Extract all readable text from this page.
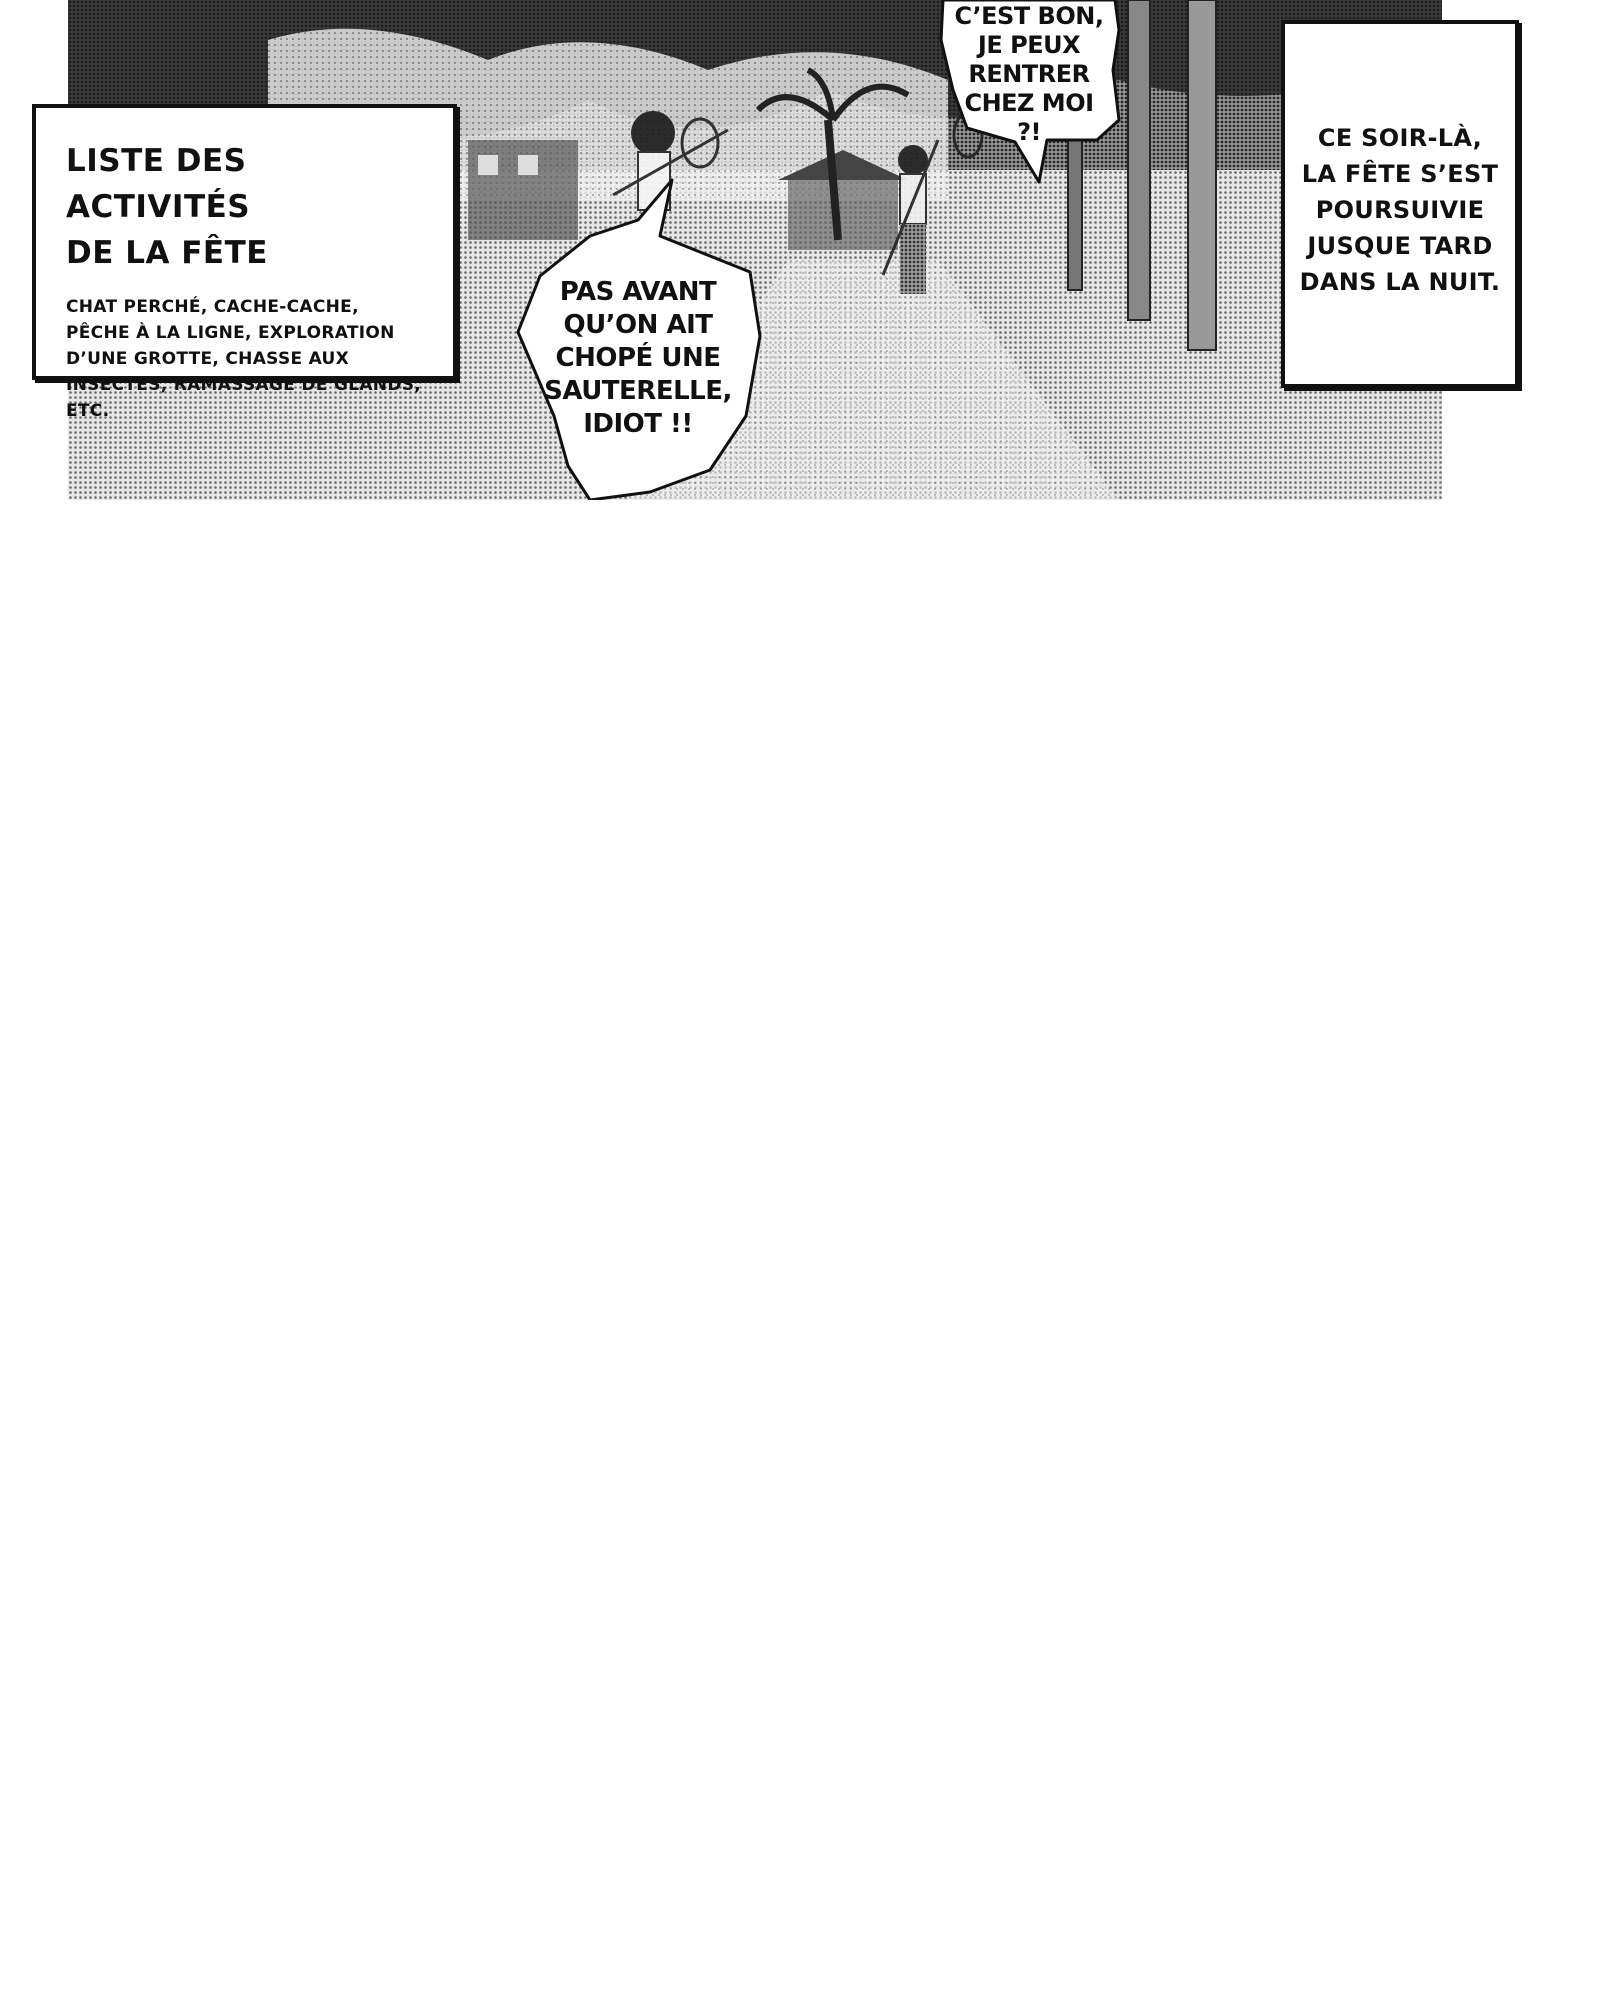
LISTE DES ACTIVITÉS
DE LA FÊTE
CHAT PERCHÉ, CACHE-CACHE, PÊCHE À LA LIGNE, EXPLORATION D’UNE GROTTE, CHASSE AUX INSECTES, RAMASSAGE DE GLANDS, ETC.
CE SOIR-LÀ,
LA FÊTE S’EST
POURSUIVIE
JUSQUE TARD
DANS LA NUIT.
C’EST BON,
JE PEUX
RENTRER
CHEZ MOI
?!
PAS AVANT
QU’ON AIT
CHOPÉ UNE
SAUTERELLE,
IDIOT !!
